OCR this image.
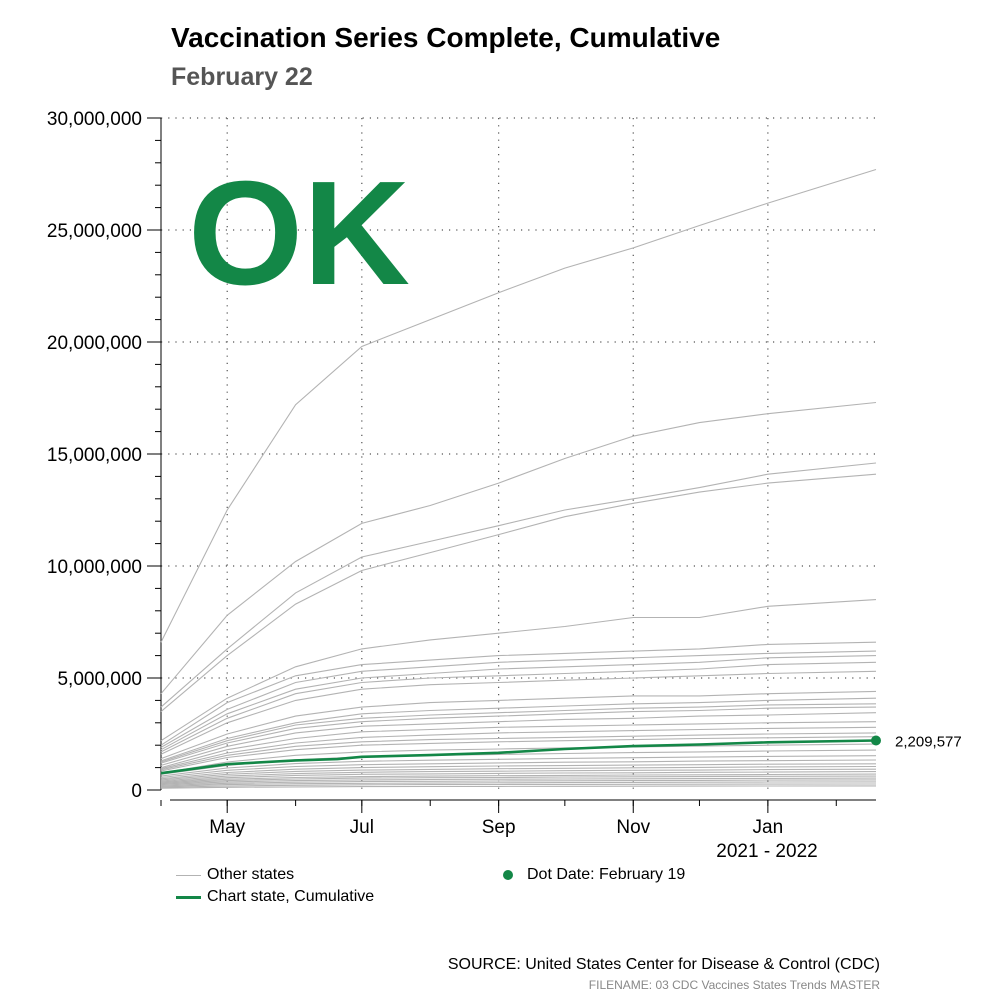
Vaccination Series Complete, Cumulative
February 22
0
5,000,000
10,000,000
15,000,000
20,000,000
25,000,000
30,000,000
May	Jul	Sep	Nov	Jan
2021 - 2022
2,209,577
OK
Other states
Chart state, Cumulative
Dot Date: February 19
SOURCE: United States Center for Disease & Control (CDC)
FILENAME: 03 CDC Vaccines States Trends MASTER
